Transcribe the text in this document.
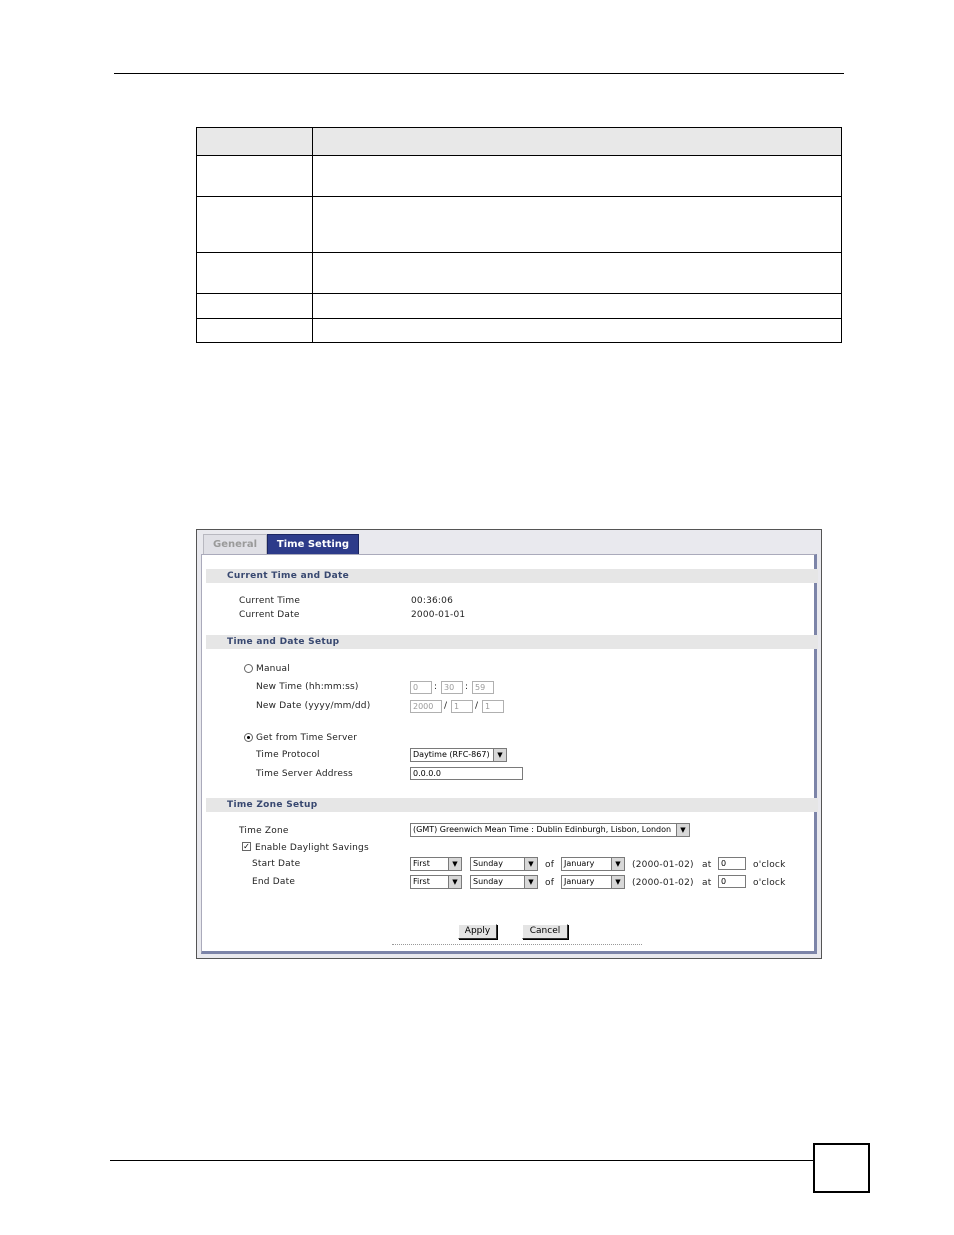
General	Time Setting
Current Time and Date
Current Time	00:36:06
Current Date	2000-01-01
Time and Date Setup
Manual
New Time (hh:mm:ss)	0	: 30	: 59
New Date (yyyy/mm/dd)	2000	/ 1	/ 1
Get from Time Server
Time Protocol	Daytime (RFC-867)	▼
Time Server Address	0.0.0.0
Time Zone Setup
Time Zone	(GMT) Greenwich Mean Time : Dublin Edinburgh, Lisbon, London	▼
✓ Enable Daylight Savings
Start Date	First	▼	Sunday	▼	of	January	▼	(2000-01-02) at	0	o'clock
End Date	First	▼	Sunday	▼	of	January	▼	(2000-01-02) at	0	o'clock
Apply	Cancel
